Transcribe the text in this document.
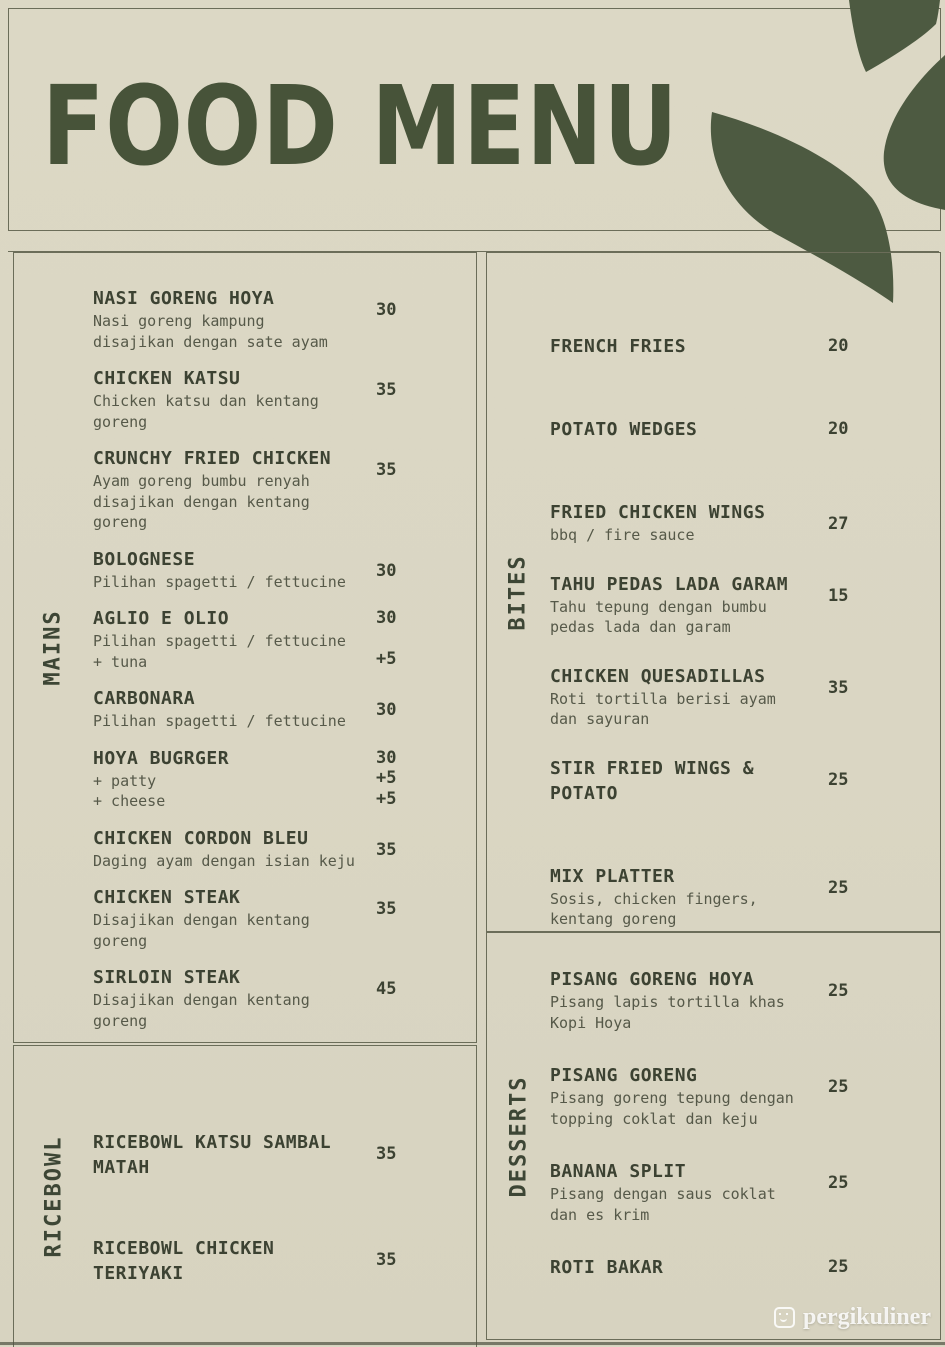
FOOD MENU
MAINS
NASI GORENG HOYA
Nasi goreng kampung
disajikan dengan sate ayam
30
CHICKEN KATSU
Chicken katsu dan kentang
goreng
35
CRUNCHY FRIED CHICKEN
Ayam goreng bumbu renyah
disajikan dengan kentang
goreng
35
BOLOGNESE
Pilihan spagetti / fettucine
30
AGLIO E OLIO
Pilihan spagetti / fettucine
+ tuna
30
+5
CARBONARA
Pilihan spagetti / fettucine
30
HOYA BUGRGER
+ patty
+ cheese
30
+5
+5
CHICKEN CORDON BLEU
Daging ayam dengan isian keju
35
CHICKEN STEAK
Disajikan dengan kentang
goreng
35
SIRLOIN STEAK
Disajikan dengan kentang
goreng
45
RICEBOWL RICEBOWL KATSU SAMBAL
MATAH
35
RICEBOWL CHICKEN
TERIYAKI
35
BITES
FRENCH FRIES	20
POTATO WEDGES	20
FRIED CHICKEN WINGS
bbq / fire sauce
27
TAHU PEDAS LADA GARAM
Tahu tepung dengan bumbu
pedas lada dan garam
15
CHICKEN QUESADILLAS
Roti tortilla berisi ayam
dan sayuran
35
STIR FRIED WINGS &
POTATO
25
MIX PLATTER
Sosis, chicken fingers,
kentang goreng
25
DESSERTS
PISANG GORENG HOYA
Pisang lapis tortilla khas
Kopi Hoya
25
PISANG GORENG
Pisang goreng tepung dengan
topping coklat dan keju
25
BANANA SPLIT
Pisang dengan saus coklat
dan es krim
25
ROTI BAKAR	25
pergikuliner
